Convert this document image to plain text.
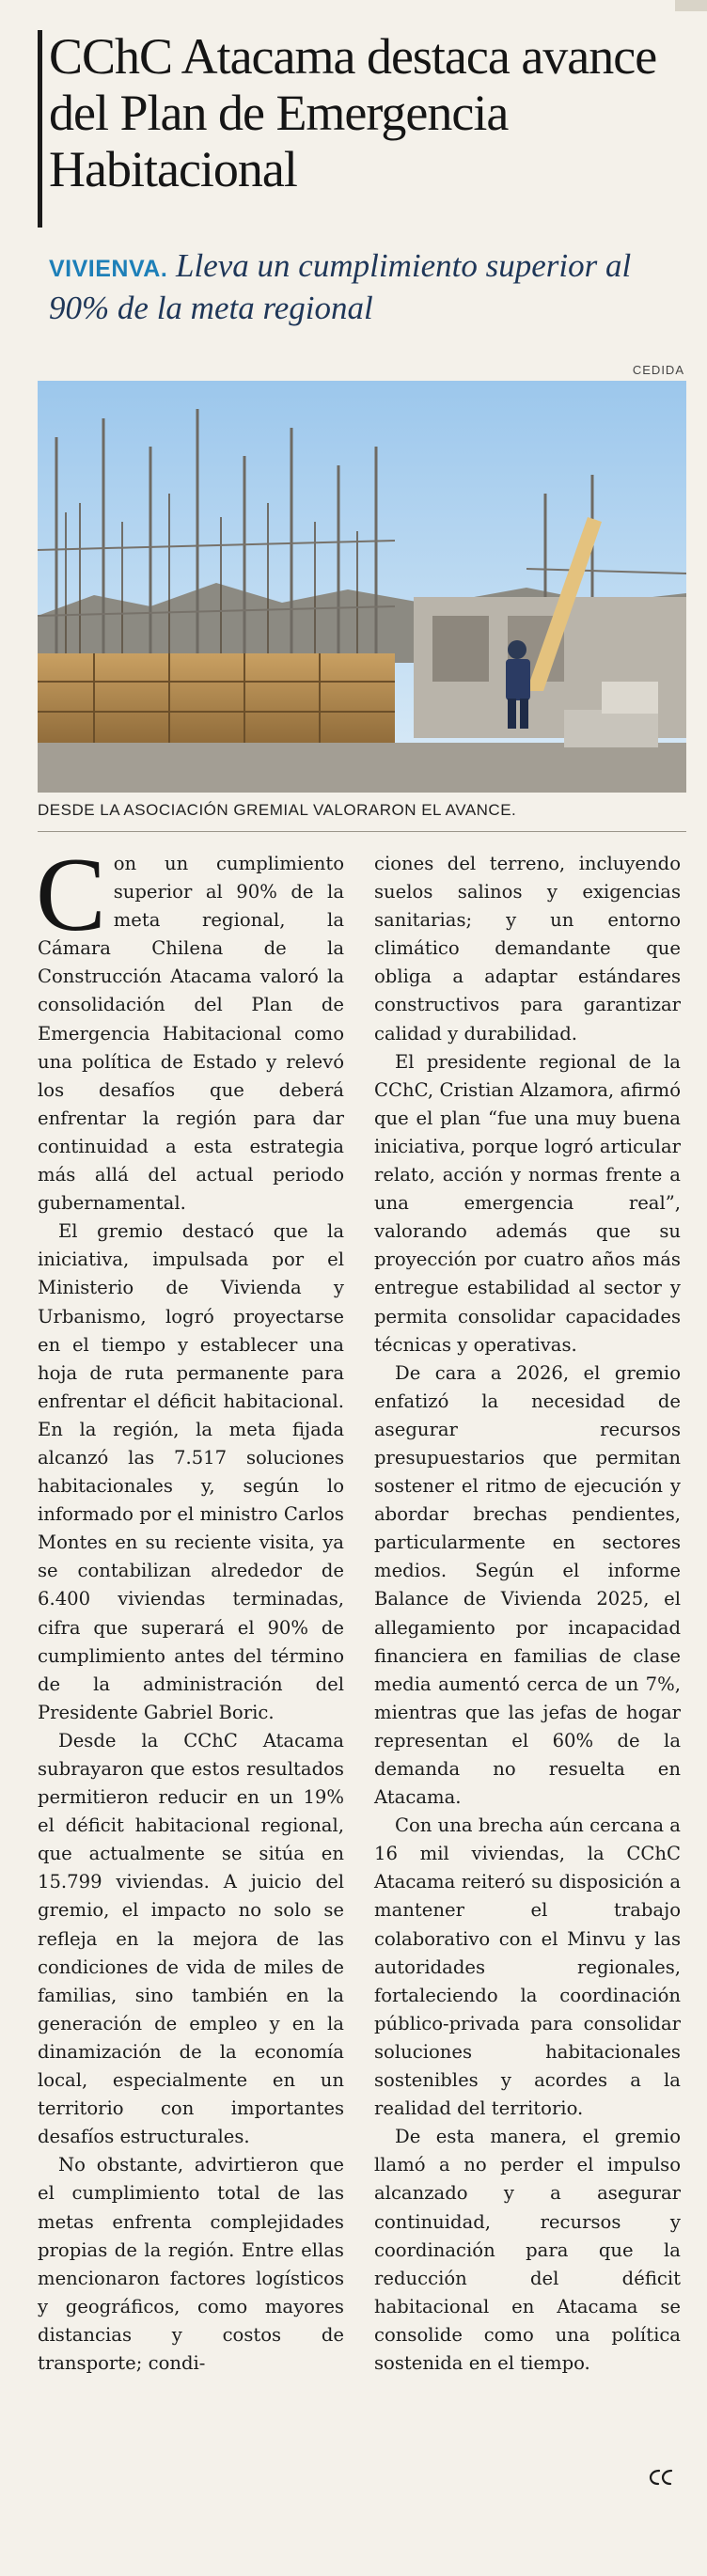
CChC Atacama destaca avance del Plan de Emergencia Habitacional
VIVIENVA. Lleva un cumplimiento superior al 90% de la meta regional
CEDIDA
DESDE LA ASOCIACIÓN GREMIAL VALORARON EL AVANCE.

Con un cumplimiento superior al 90% de la meta regional, la Cámara Chilena de la Construcción Atacama valoró la consolidación del Plan de Emergencia Habitacional como una política de Estado y relevó los desafíos que deberá enfrentar la región para dar continuidad a esta estrategia más allá del actual periodo gubernamental.

El gremio destacó que la iniciativa, impulsada por el Ministerio de Vivienda y Urbanismo, logró proyectarse en el tiempo y establecer una hoja de ruta permanente para enfrentar el déficit habitacional. En la región, la meta fijada alcanzó las 7.517 soluciones habitacionales y, según lo informado por el ministro Carlos Montes en su reciente visita, ya se contabilizan alrededor de 6.400 viviendas terminadas, cifra que superará el 90% de cumplimiento antes del término de la administración del Presidente Gabriel Boric.

Desde la CChC Atacama subrayaron que estos resultados permitieron reducir en un 19% el déficit habitacional regional, que actualmente se sitúa en 15.799 viviendas. A juicio del gremio, el impacto no solo se refleja en la mejora de las condiciones de vida de miles de familias, sino también en la generación de empleo y en la dinamización de la economía local, especialmente en un territorio con importantes desafíos estructurales.

No obstante, advirtieron que el cumplimiento total de las metas enfrenta complejidades propias de la región. Entre ellas mencionaron factores logísticos y geográficos, como mayores distancias y costos de transporte; condi-

ciones del terreno, incluyendo suelos salinos y exigencias sanitarias; y un entorno climático demandante que obliga a adaptar estándares constructivos para garantizar calidad y durabilidad.

El presidente regional de la CChC, Cristian Alzamora, afirmó que el plan “fue una muy buena iniciativa, porque logró articular relato, acción y normas frente a una emergencia real”, valorando además que su proyección por cuatro años más entregue estabilidad al sector y permita consolidar capacidades técnicas y operativas.

De cara a 2026, el gremio enfatizó la necesidad de asegurar recursos presupuestarios que permitan sostener el ritmo de ejecución y abordar brechas pendientes, particularmente en sectores medios. Según el informe Balance de Vivienda 2025, el allegamiento por incapacidad financiera en familias de clase media aumentó cerca de un 7%, mientras que las jefas de hogar representan el 60% de la demanda no resuelta en Atacama.

Con una brecha aún cercana a 16 mil viviendas, la CChC Atacama reiteró su disposición a mantener el trabajo colaborativo con el Minvu y las autoridades regionales, fortaleciendo la coordinación público-privada para consolidar soluciones habitacionales sostenibles y acordes a la realidad del territorio.

De esta manera, el gremio llamó a no perder el impulso alcanzado y a asegurar continuidad, recursos y coordinación para que la reducción del déficit habitacional en Atacama se consolide como una política sostenida en el tiempo.
